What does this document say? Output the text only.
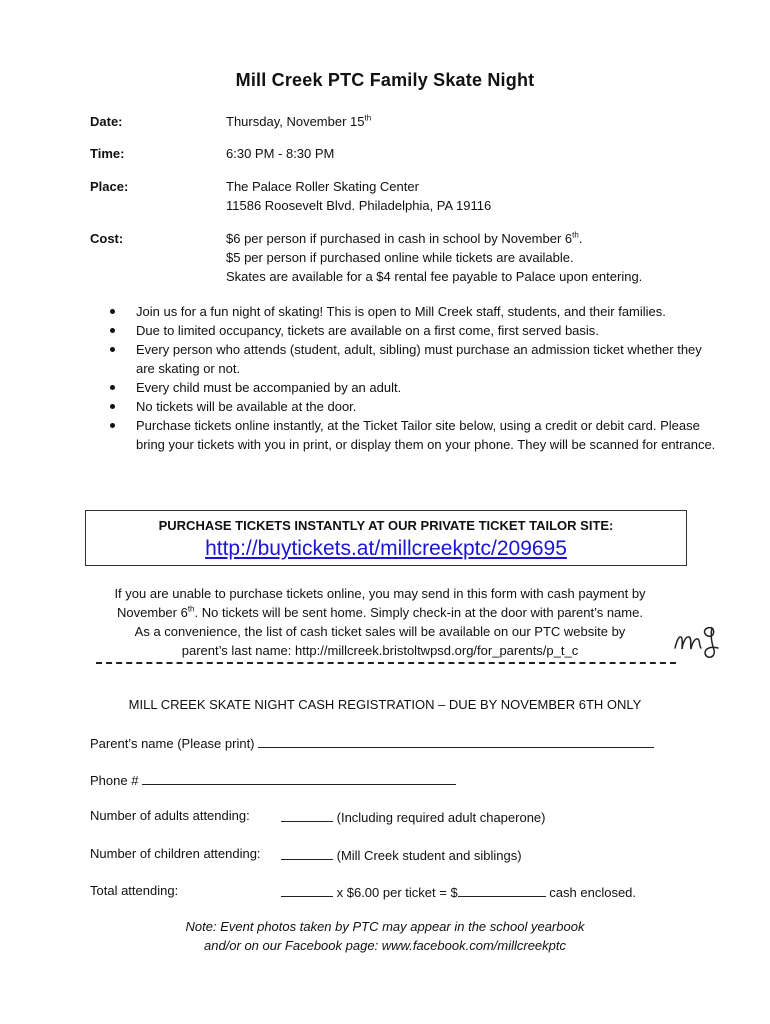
Mill Creek PTC Family Skate Night
Date:	Thursday, November 15th
Time:	6:30 PM - 8:30 PM
Place:	The Palace Roller Skating Center
11586 Roosevelt Blvd. Philadelphia, PA 19116
Cost:	$6 per person if purchased in cash in school by November 6th.
$5 per person if purchased online while tickets are available.
Skates are available for a $4 rental fee payable to Palace upon entering.
Join us for a fun night of skating! This is open to Mill Creek staff, students, and their families.
Due to limited occupancy, tickets are available on a first come, first served basis.
Every person who attends (student, adult, sibling) must purchase an admission ticket whether they are skating or not.
Every child must be accompanied by an adult.
No tickets will be available at the door.
Purchase tickets online instantly, at the Ticket Tailor site below, using a credit or debit card. Please bring your tickets with you in print, or display them on your phone. They will be scanned for entrance.
PURCHASE TICKETS INSTANTLY AT OUR PRIVATE TICKET TAILOR SITE:
http://buytickets.at/millcreekptc/209695
If you are unable to purchase tickets online, you may send in this form with cash payment by
November 6th. No tickets will be sent home. Simply check-in at the door with parent’s name.
As a convenience, the list of cash ticket sales will be available on our PTC website by
parent’s last name: http://millcreek.bristoltwpsd.org/for_parents/p_t_c
MILL CREEK SKATE NIGHT CASH REGISTRATION – DUE BY NOVEMBER 6TH ONLY
Parent’s name (Please print)
Phone #
Number of adults attending:	(Including required adult chaperone)
Number of children attending:	(Mill Creek student and siblings)
Total attending:	x $6.00 per ticket = $	cash enclosed.
Note: Event photos taken by PTC may appear in the school yearbook
and/or on our Facebook page: www.facebook.com/millcreekptc
